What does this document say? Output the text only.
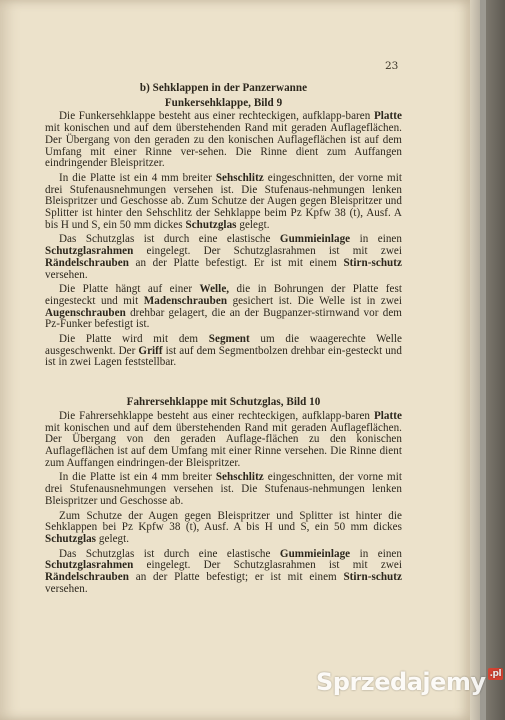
23
b) Sehklappen in der Panzerwanne
Funkersehklappe, Bild 9

Die Funkersehklappe besteht aus einer rechteckigen, aufklapp-baren Platte mit konischen und auf dem überstehenden Rand mit geraden Auflageflächen. Der Übergang von den geraden zu den konischen Auflageflächen ist auf dem Umfang mit einer Rinne ver-sehen. Die Rinne dient zum Auffangen eindringender Bleispritzer.

In die Platte ist ein 4 mm breiter Sehschlitz eingeschnitten, der vorne mit drei Stufenausnehmungen versehen ist. Die Stufenaus-nehmungen lenken Bleispritzer und Geschosse ab. Zum Schutze der Augen gegen Bleispritzer und Splitter ist hinter den Sehschlitz der Sehklappe beim Pz Kpfw 38 (t), Ausf. A bis H und S, ein 50 mm dickes Schutzglas gelegt.

Das Schutzglas ist durch eine elastische Gummieinlage in einen Schutzglasrahmen eingelegt. Der Schutzglasrahmen ist mit zwei Rändelschrauben an der Platte befestigt. Er ist mit einem Stirn-schutz versehen.

Die Platte hängt auf einer Welle, die in Bohrungen der Platte fest eingesteckt und mit Madenschrauben gesichert ist. Die Welle ist in zwei Augenschrauben drehbar gelagert, die an der Bugpanzer-stirnwand vor dem Pz-Funker befestigt ist.

Die Platte wird mit dem Segment um die waagerechte Welle ausgeschwenkt. Der Griff ist auf dem Segmentbolzen drehbar ein-gesteckt und ist in zwei Lagen feststellbar.

Fahrersehklappe mit Schutzglas, Bild 10

Die Fahrersehklappe besteht aus einer rechteckigen, aufklapp-baren Platte mit konischen und auf dem überstehenden Rand mit geraden Auflageflächen. Der Übergang von den geraden Auflage-flächen zu den konischen Auflageflächen ist auf dem Umfang mit einer Rinne versehen. Die Rinne dient zum Auffangen eindringen-der Bleispritzer.

In die Platte ist ein 4 mm breiter Sehschlitz eingeschnitten, der vorne mit drei Stufenausnehmungen versehen ist. Die Stufenaus-nehmungen lenken Bleispritzer und Geschosse ab.

Zum Schutze der Augen gegen Bleispritzer und Splitter ist hinter die Sehklappen bei Pz Kpfw 38 (t), Ausf. A bis H und S, ein 50 mm dickes Schutzglas gelegt.

Das Schutzglas ist durch eine elastische Gummieinlage in einen Schutzglasrahmen eingelegt. Der Schutzglasrahmen ist mit zwei Rändelschrauben an der Platte befestigt; er ist mit einem Stirn-schutz versehen.

Sprzedajemy .pl
